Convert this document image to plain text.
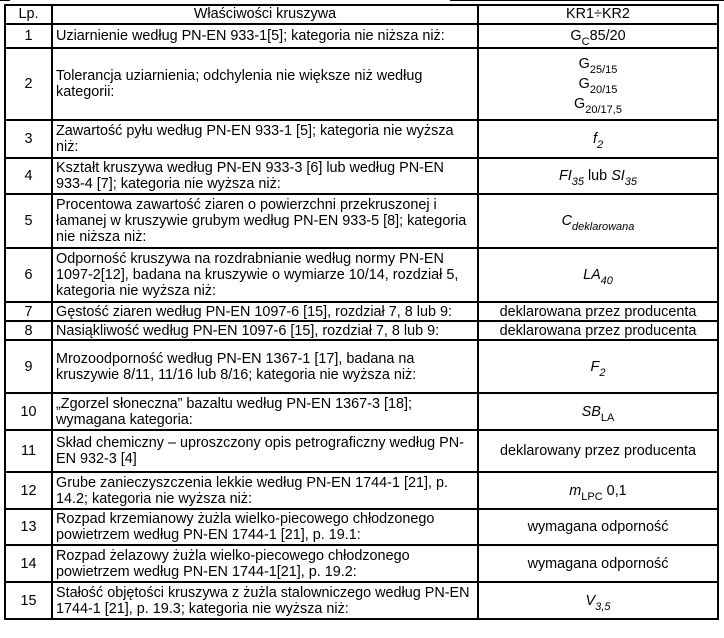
Lp.	Właściwości kruszywa	KR1÷KR2
1	Uziarnienie według PN-EN 933-1[5]; kategoria nie niższa niż:	$G_C85/20$
2	Tolerancja uziarnienia; odchylenia nie większe niż według kategorii:	$G_{25/15}$
$G_{20/15}$
$G_{20/17,5}$

3	Zawartość pyłu według PN-EN 933-1 [5]; kategoria nie wyższa niż:	$f_2$
4	Kształt kruszywa według PN-EN 933-3 [6] lub według PN-EN 933-4 [7]; kategoria nie wyższa niż:	$FI_{35}$ lub $SI_{35}$
5	Procentowa zawartość ziaren o powierzchni przekruszonej i łamanej w kruszywie grubym według PN-EN 933-5 [8]; kategoria nie niższa niż:	$C_{deklarowana}$
6	Odporność kruszywa na rozdrabnianie według normy PN-EN 1097-2[12], badana na kruszywie o wymiarze 10/14, rozdział 5, kategoria nie wyższa niż:	$LA_{40}$
7	Gęstość ziaren według PN-EN 1097-6 [15], rozdział 7, 8 lub 9:	deklarowana przez producenta
8	Nasiąkliwość według PN-EN 1097-6 [15], rozdział 7, 8 lub 9:	deklarowana przez producenta
9	Mrozoodporność według PN-EN 1367-1 [17], badana na kruszywie 8/11, 11/16 lub 8/16; kategoria nie wyższa niż:	$F_2$
10	„Zgorzel słoneczna” bazaltu według PN-EN 1367-3 [18]; wymagana kategoria:	$SB_{LA}$
11	Skład chemiczny – uproszczony opis petrograficzny według PN-EN 932-3 [4]	deklarowany przez producenta
12	Grube zanieczyszczenia lekkie według PN-EN 1744-1 [21], p. 14.2; kategoria nie wyższa niż:	$m_{LPC}$ 0,1
13	Rozpad krzemianowy żużla wielko-piecowego chłodzonego powietrzem według PN-EN 1744-1 [21], p. 19.1:	wymagana odporność
14	Rozpad żelazowy żużla wielko-piecowego chłodzonego powietrzem według PN-EN 1744-1[21], p. 19.2:	wymagana odporność
15	Stałość objętości kruszywa z żużla stalowniczego według PN-EN 1744-1 [21], p. 19.3; kategoria nie wyższa niż:	$V_{3,5}$
